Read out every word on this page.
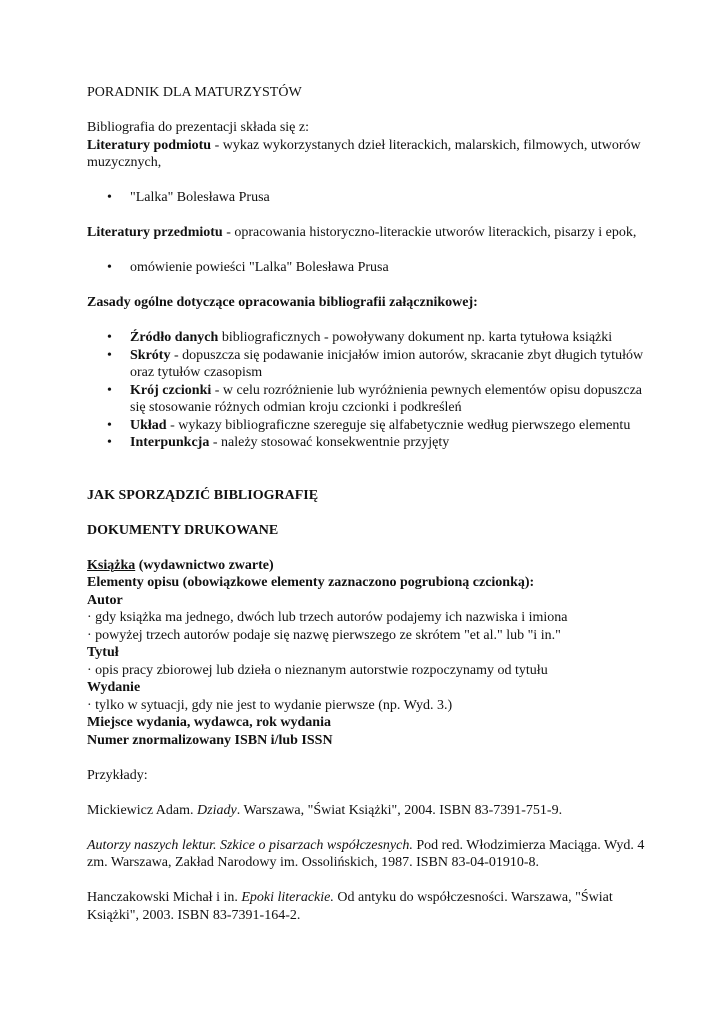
PORADNIK DLA MATURZYSTÓW

Bibliografia do prezentacji składa się z:

Literatury podmiotu - wykaz wykorzystanych dzieł literackich, malarskich, filmowych, utworów muzycznych,

• "Lalka" Bolesława Prusa

Literatury przedmiotu - opracowania historyczno-literackie utworów literackich, pisarzy i epok,

• omówienie powieści "Lalka" Bolesława Prusa

Zasady ogólne dotyczące opracowania bibliografii załącznikowej:

• Źródło danych bibliograficznych - powoływany dokument np. karta tytułowa książki
• Skróty - dopuszcza się podawanie inicjałów imion autorów, skracanie zbyt długich tytułów oraz tytułów czasopism
• Krój czcionki - w celu rozróżnienie lub wyróżnienia pewnych elementów opisu dopuszcza się stosowanie różnych odmian kroju czcionki i podkreśleń
• Układ - wykazy bibliograficzne szereguje się alfabetycznie według pierwszego elementu
• Interpunkcja - należy stosować konsekwentnie przyjęty

JAK SPORZĄDZIĆ BIBLIOGRAFIĘ

DOKUMENTY DRUKOWANE

Książka (wydawnictwo zwarte)

Elementy opisu (obowiązkowe elementy zaznaczono pogrubioną czcionką):

Autor

· gdy książka ma jednego, dwóch lub trzech autorów podajemy ich nazwiska i imiona

· powyżej trzech autorów podaje się nazwę pierwszego ze skrótem "et al." lub "i in."

Tytuł

· opis pracy zbiorowej lub dzieła o nieznanym autorstwie rozpoczynamy od tytułu

Wydanie

· tylko w sytuacji, gdy nie jest to wydanie pierwsze (np. Wyd. 3.)

Miejsce wydania, wydawca, rok wydania

Numer znormalizowany ISBN i/lub ISSN

Przykłady:

Mickiewicz Adam. Dziady. Warszawa, "Świat Książki", 2004. ISBN 83-7391-751-9.

Autorzy naszych lektur. Szkice o pisarzach współczesnych. Pod red. Włodzimierza Maciąga. Wyd. 4 zm. Warszawa, Zakład Narodowy im. Ossolińskich, 1987. ISBN 83-04-01910-8.

Hanczakowski Michał i in. Epoki literackie. Od antyku do współczesności. Warszawa, "Świat Książki", 2003. ISBN 83-7391-164-2.
